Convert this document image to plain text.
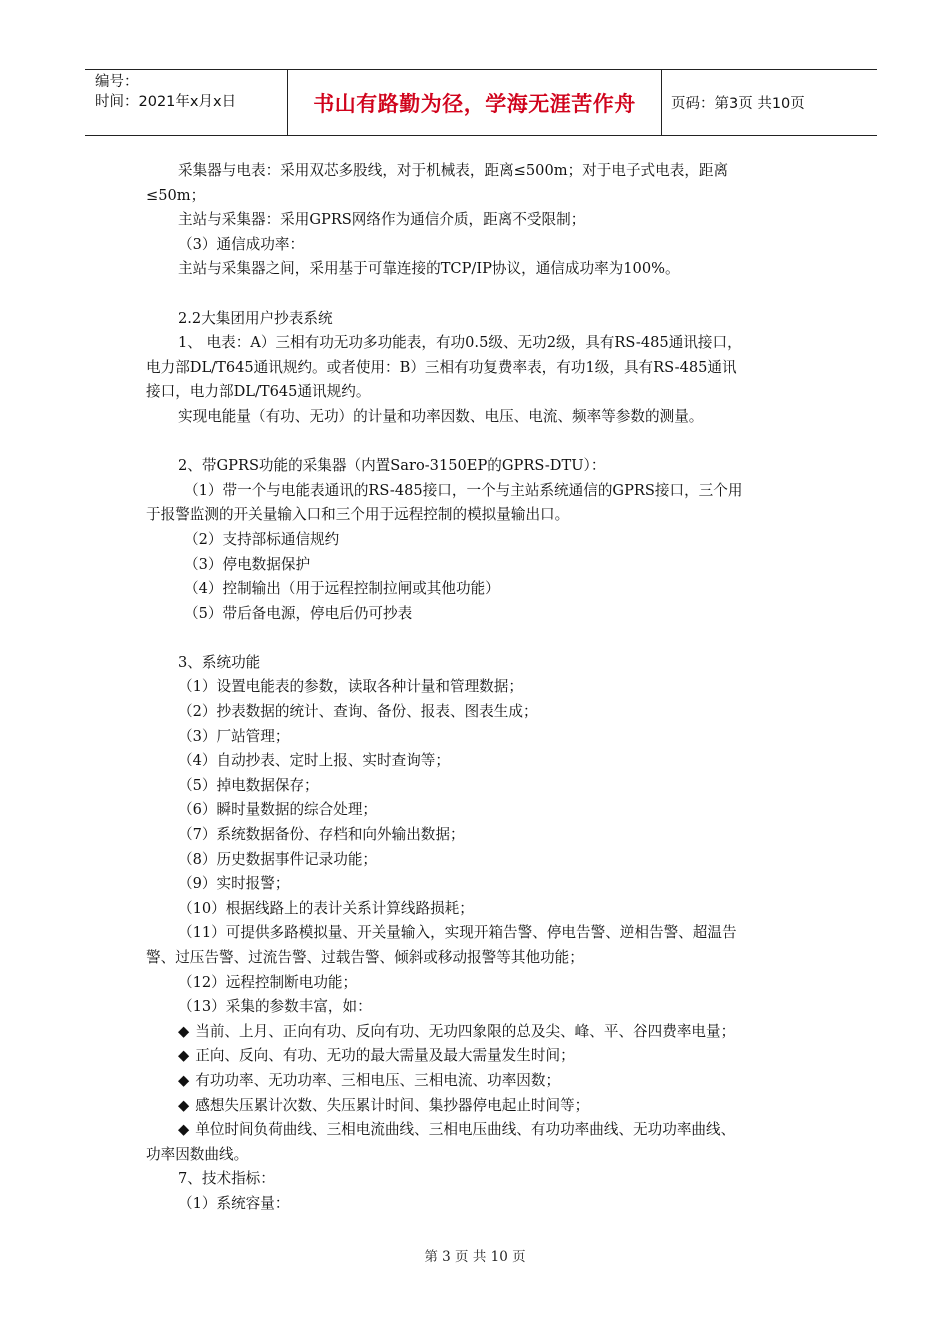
编号：
时间：2021年x月x日	书山有路勤为径，学海无涯苦作舟 页码：第3页 共10页
采集器与电表：采用双芯多股线，对于机械表，距离≤500m；对于电子式电表，距离
≤50m；
主站与采集器：采用GPRS网络作为通信介质，距离不受限制；
（3）通信成功率：
主站与采集器之间，采用基于可靠连接的TCP/IP协议，通信成功率为100%。
2.2大集团用户抄表系统
1、 电表：A）三相有功无功多功能表，有功0.5级、无功2级，具有RS-485通讯接口，
电力部DL/T645通讯规约。或者使用：B）三相有功复费率表，有功1级，具有RS-485通讯
接口，电力部DL/T645通讯规约。
实现电能量（有功、无功）的计量和功率因数、电压、电流、频率等参数的测量。
2、带GPRS功能的采集器（内置Saro-3150EP的GPRS-DTU）：
（1）带一个与电能表通讯的RS-485接口，一个与主站系统通信的GPRS接口，三个用
于报警监测的开关量输入口和三个用于远程控制的模拟量输出口。
（2）支持部标通信规约
（3）停电数据保护
（4）控制输出（用于远程控制拉闸或其他功能）
（5）带后备电源，停电后仍可抄表
3、系统功能
（1）设置电能表的参数，读取各种计量和管理数据；
（2）抄表数据的统计、查询、备份、报表、图表生成；
（3）厂站管理；
（4）自动抄表、定时上报、实时查询等；
（5）掉电数据保存；
（6）瞬时量数据的综合处理；
（7）系统数据备份、存档和向外输出数据；
（8）历史数据事件记录功能；
（9）实时报警；
（10）根据线路上的表计关系计算线路损耗；
（11）可提供多路模拟量、开关量输入，实现开箱告警、停电告警、逆相告警、超温告
警、过压告警、过流告警、过载告警、倾斜或移动报警等其他功能；
（12）远程控制断电功能；
（13）采集的参数丰富，如：
◆ 当前、上月、正向有功、反向有功、无功四象限的总及尖、峰、平、谷四费率电量；
◆ 正向、反向、有功、无功的最大需量及最大需量发生时间；
◆ 有功功率、无功功率、三相电压、三相电流、功率因数；
◆ 感想失压累计次数、失压累计时间、集抄器停电起止时间等；
◆ 单位时间负荷曲线、三相电流曲线、三相电压曲线、有功功率曲线、无功功率曲线、
功率因数曲线。
7、技术指标：
（1）系统容量：
第 3 页 共 10 页
